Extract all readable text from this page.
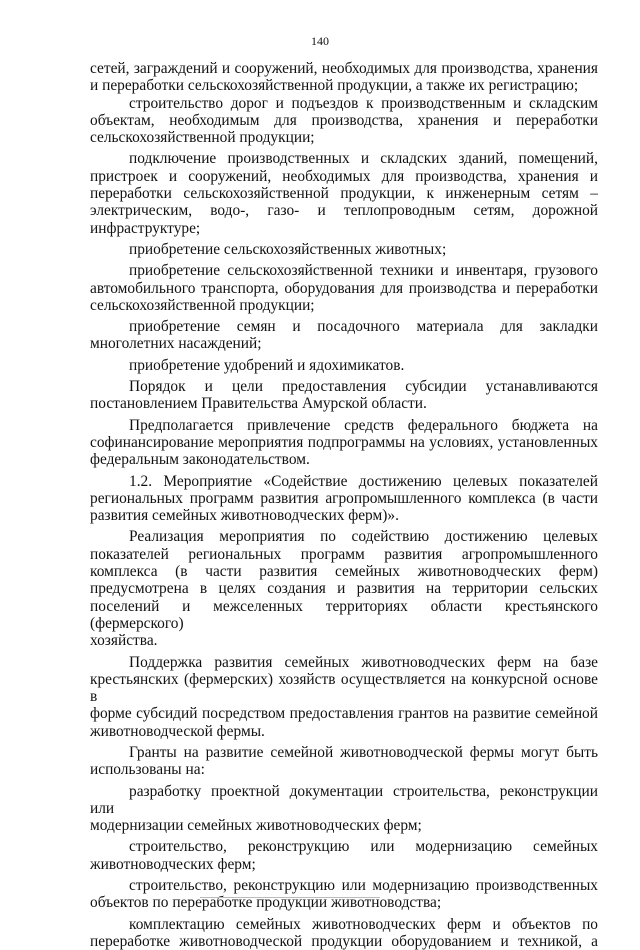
140

сетей, заграждений и сооружений, необходимых для производства, хранения

и переработки сельскохозяйственной продукции, а также их регистрацию;

строительство дорог и подъездов к производственным и складским

объектам, необходимым для производства, хранения и переработки

сельскохозяйственной продукции;

подключение производственных и складских зданий, помещений,

пристроек и сооружений, необходимых для производства, хранения и

переработки сельскохозяйственной продукции, к инженерным сетям –

электрическим, водо-, газо- и теплопроводным сетям, дорожной

инфраструктуре;

приобретение сельскохозяйственных животных;

приобретение сельскохозяйственной техники и инвентаря, грузового

автомобильного транспорта, оборудования для производства и переработки

сельскохозяйственной продукции;

приобретение семян и посадочного материала для закладки

многолетних насаждений;

приобретение удобрений и ядохимикатов.

Порядок и цели предоставления субсидии устанавливаются

постановлением Правительства Амурской области.

Предполагается привлечение средств федерального бюджета на

софинансирование мероприятия подпрограммы на условиях, установленных

федеральным законодательством.

1.2. Мероприятие «Содействие достижению целевых показателей

региональных программ развития агропромышленного комплекса (в части

развития семейных животноводческих ферм)».

Реализация мероприятия по содействию достижению целевых

показателей региональных программ развития агропромышленного

комплекса (в части развития семейных животноводческих ферм)

предусмотрена в целях создания и развития на территории сельских

поселений и межселенных территориях области крестьянского (фермерского)

хозяйства.

Поддержка развития семейных животноводческих ферм на базе

крестьянских (фермерских) хозяйств осуществляется на конкурсной основе в

форме субсидий посредством предоставления грантов на развитие семейной

животноводческой фермы.

Гранты на развитие семейной животноводческой фермы могут быть

использованы на:

разработку проектной документации строительства, реконструкции или

модернизации семейных животноводческих ферм;

строительство, реконструкцию или модернизацию семейных

животноводческих ферм;

строительство, реконструкцию или модернизацию производственных

объектов по переработке продукции животноводства;

комплектацию семейных животноводческих ферм и объектов по

переработке животноводческой продукции оборудованием и техникой, а
